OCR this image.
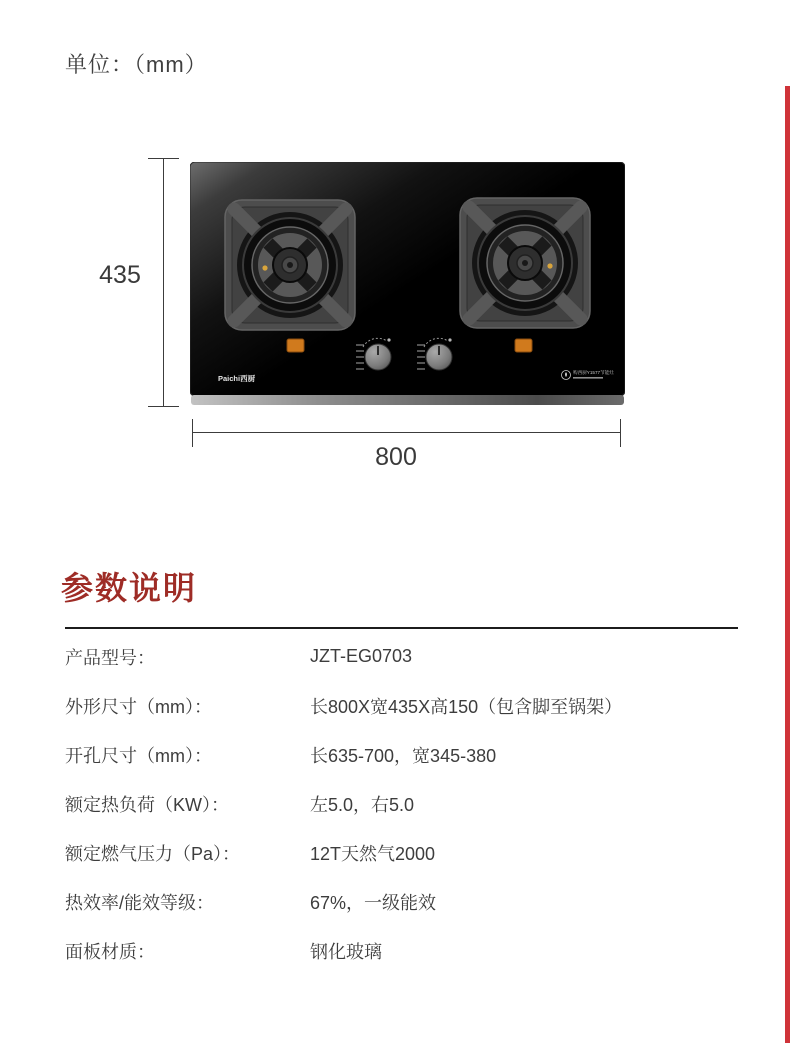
单位：（mm）
Paichi西厨
购西厨Y1577节能灶
435
800
参数说明
产品型号：	JZT-EG0703
外形尺寸（mm）：	长800X宽435X高150（包含脚至锅架）
开孔尺寸（mm）：	长635-700，宽345-380
额定热负荷（KW）：	左5.0，右5.0
额定燃气压力（Pa）：	12T天然气2000
热效率/能效等级：	67%，一级能效
面板材质：	钢化玻璃
